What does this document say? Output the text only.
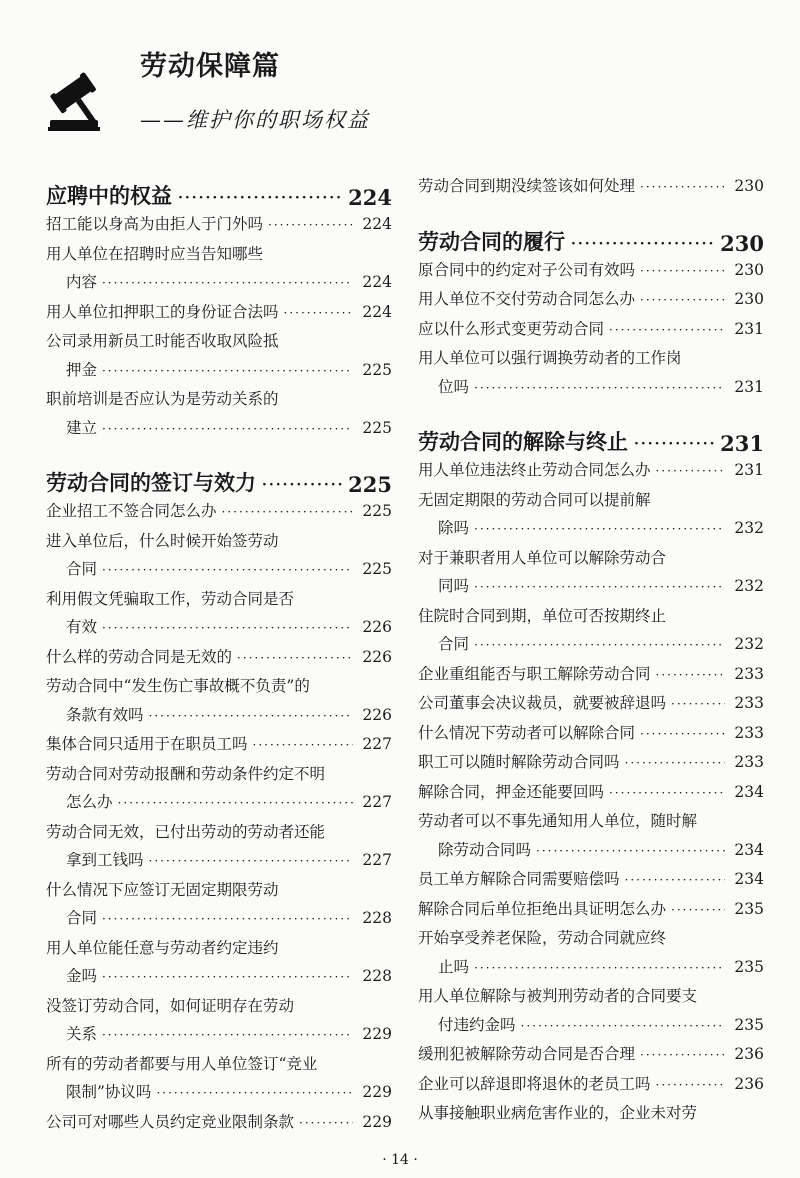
劳动保障篇

——维护你的职场权益

应聘中的权益 ·····	224
招工能以身高为由拒人于门外吗 ·····	224
用人单位在招聘时应当告知哪些
内容 ·····	224
用人单位扣押职工的身份证合法吗 ·····	224
公司录用新员工时能否收取风险抵
押金 ·····	225
职前培训是否应认为是劳动关系的
建立 ·····	225
劳动合同的签订与效力 ·····	225
企业招工不签合同怎么办 ·····	225
进入单位后，什么时候开始签劳动
合同 ·····	225
利用假文凭骗取工作，劳动合同是否
有效 ·····	226
什么样的劳动合同是无效的 ·····	226
劳动合同中“发生伤亡事故概不负责”的
条款有效吗 ·····	226
集体合同只适用于在职员工吗 ·····	227
劳动合同对劳动报酬和劳动条件约定不明
怎么办 ·····	227
劳动合同无效，已付出劳动的劳动者还能
拿到工钱吗 ·····	227
什么情况下应签订无固定期限劳动
合同 ·····	228
用人单位能任意与劳动者约定违约
金吗 ·····	228
没签订劳动合同，如何证明存在劳动
关系 ·····	229
所有的劳动者都要与用人单位签订“竞业
限制”协议吗 ·····	229
公司可对哪些人员约定竞业限制条款 ·····	229
劳动合同到期没续签该如何处理 ·····	230
劳动合同的履行 ·····	230
原合同中的约定对子公司有效吗 ·····	230
用人单位不交付劳动合同怎么办 ·····	230
应以什么形式变更劳动合同 ·····	231
用人单位可以强行调换劳动者的工作岗
位吗 ·····	231
劳动合同的解除与终止 ·····	231
用人单位违法终止劳动合同怎么办 ·····	231
无固定期限的劳动合同可以提前解
除吗 ·····	232
对于兼职者用人单位可以解除劳动合
同吗 ·····	232
住院时合同到期，单位可否按期终止
合同 ·····	232
企业重组能否与职工解除劳动合同 ·····	233
公司董事会决议裁员，就要被辞退吗 ·····	233
什么情况下劳动者可以解除合同 ·····	233
职工可以随时解除劳动合同吗 ·····	233
解除合同，押金还能要回吗 ·····	234
劳动者可以不事先通知用人单位，随时解
除劳动合同吗 ·····	234
员工单方解除合同需要赔偿吗 ·····	234
解除合同后单位拒绝出具证明怎么办 ·····	235
开始享受养老保险，劳动合同就应终
止吗 ·····	235
用人单位解除与被判刑劳动者的合同要支
付违约金吗 ·····	235
缓刑犯被解除劳动合同是否合理 ·····	236
企业可以辞退即将退休的老员工吗 ·····	236
从事接触职业病危害作业的，企业未对劳

· 14 ·
